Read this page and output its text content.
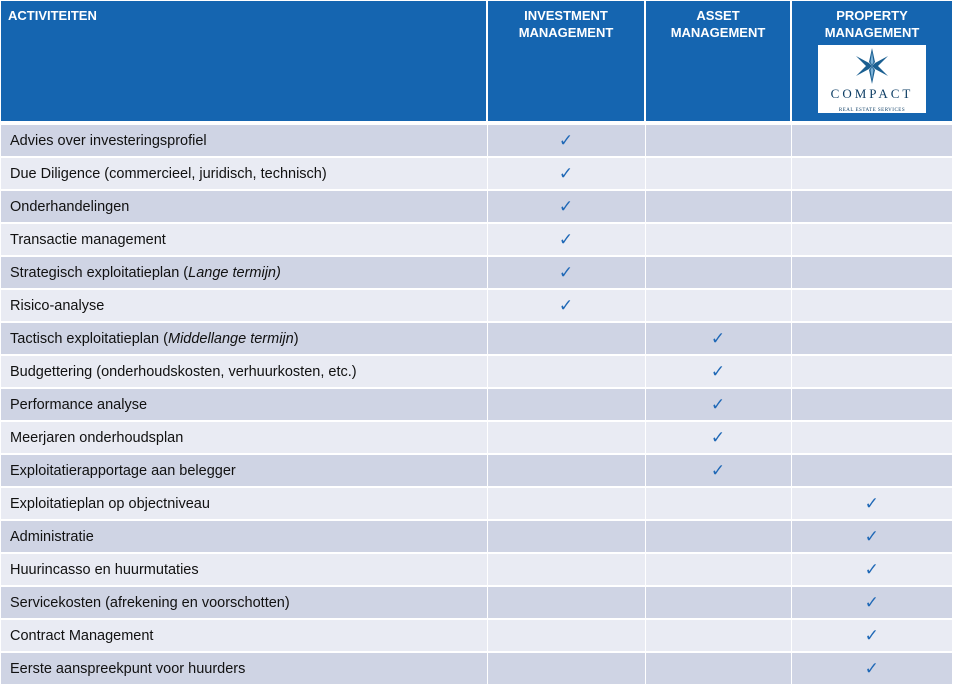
ACTIVITEITEN	INVESTMENT MANAGEMENT	ASSET MANAGEMENT	PROPERTY MANAGEMENT
COMPACT
REAL ESTATE SERVICES

Advies over investeringsprofiel	✓		
Due Diligence (commercieel, juridisch, technisch)	✓		
Onderhandelingen	✓		
Transactie management	✓		
Strategisch exploitatieplan (Lange termijn)	✓		
Risico-analyse	✓		
Tactisch exploitatieplan (Middellange termijn)		✓	
Budgettering (onderhoudskosten, verhuurkosten, etc.)		✓	
Performance analyse		✓	
Meerjaren onderhoudsplan		✓	
Exploitatierapportage aan belegger		✓	
Exploitatieplan op objectniveau			✓
Administratie			✓
Huurincasso en huurmutaties			✓
Servicekosten (afrekening en voorschotten)			✓
Contract Management			✓
Eerste aanspreekpunt voor huurders			✓
